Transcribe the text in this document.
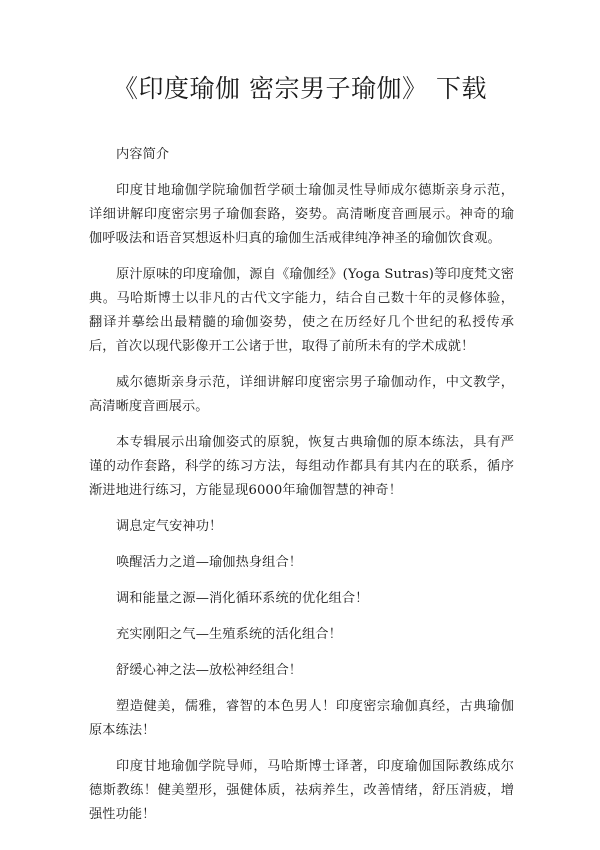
《印度瑜伽 密宗男子瑜伽》 下载

内容简介

印度甘地瑜伽学院瑜伽哲学硕士瑜伽灵性导师成尔德斯亲身示范，详细讲解印度密宗男子瑜伽套路，姿势。高清晰度音画展示。神奇的瑜伽呼吸法和语音冥想返朴归真的瑜伽生活戒律纯净神圣的瑜伽饮食观。

原汁原味的印度瑜伽，源自《瑜伽经》(Yoga Sutras)等印度梵文密典。马哈斯博士以非凡的古代文字能力，结合自己数十年的灵修体验，翻译并摹绘出最精髓的瑜伽姿势，使之在历经好几个世纪的私授传承后，首次以现代影像开工公诸于世，取得了前所未有的学术成就！

威尔德斯亲身示范，详细讲解印度密宗男子瑜伽动作，中文教学，高清晰度音画展示。

本专辑展示出瑜伽姿式的原貌，恢复古典瑜伽的原本练法，具有严谨的动作套路，科学的练习方法，每组动作都具有其内在的联系，循序渐进地进行练习，方能显现6000年瑜伽智慧的神奇！

调息定气安神功！

唤醒活力之道—瑜伽热身组合！

调和能量之源—消化循环系统的优化组合！

充实刚阳之气—生殖系统的活化组合！

舒缓心神之法—放松神经组合！

塑造健美，儒雅，睿智的本色男人！印度密宗瑜伽真经，古典瑜伽原本练法！

印度甘地瑜伽学院导师，马哈斯博士译著，印度瑜伽国际教练成尔德斯教练！健美塑形，强健体质，祛病养生，改善情绪，舒压消疲，增强性功能！
